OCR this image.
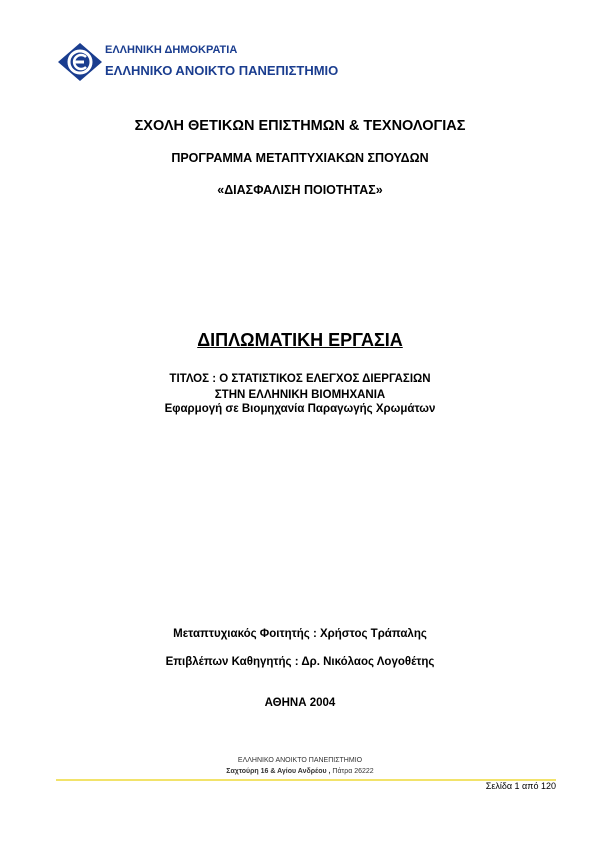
ΕΛΛΗΝΙΚΗ ΔΗΜΟΚΡΑΤΙΑ
ΕΛΛΗΝΙΚΟ ΑΝΟΙΚΤΟ ΠΑΝΕΠΙΣΤΗΜΙΟ
ΣΧΟΛΗ ΘΕΤΙΚΩΝ ΕΠΙΣΤΗΜΩΝ & ΤΕΧΝΟΛΟΓΙΑΣ
ΠΡΟΓΡΑΜΜΑ ΜΕΤΑΠΤΥΧΙΑΚΩΝ ΣΠΟΥΔΩΝ
«ΔΙΑΣΦΑΛΙΣΗ ΠΟΙΟΤΗΤΑΣ»
ΔΙΠΛΩΜΑΤΙΚΗ ΕΡΓΑΣΙΑ
ΤΙΤΛΟΣ : Ο ΣΤΑΤΙΣΤΙΚΟΣ ΕΛΕΓΧΟΣ ΔΙΕΡΓΑΣΙΩΝ
ΣΤΗΝ ΕΛΛΗΝΙΚΗ ΒΙΟΜΗΧΑΝΙΑ
Εφαρμογή σε Βιομηχανία Παραγωγής Χρωμάτων
Μεταπτυχιακός Φοιτητής : Χρήστος Τράπαλης
Επιβλέπων Καθηγητής : Δρ. Νικόλαος Λογοθέτης
ΑΘΗΝΑ 2004
ΕΛΛΗΝΙΚΟ ΑΝΟΙΚΤΟ ΠΑΝΕΠΙΣΤΗΜΙΟ
Σαχτούρη 16 & Αγίου Ανδρέου , Πάτρα 26222
Σελίδα 1 από 120
